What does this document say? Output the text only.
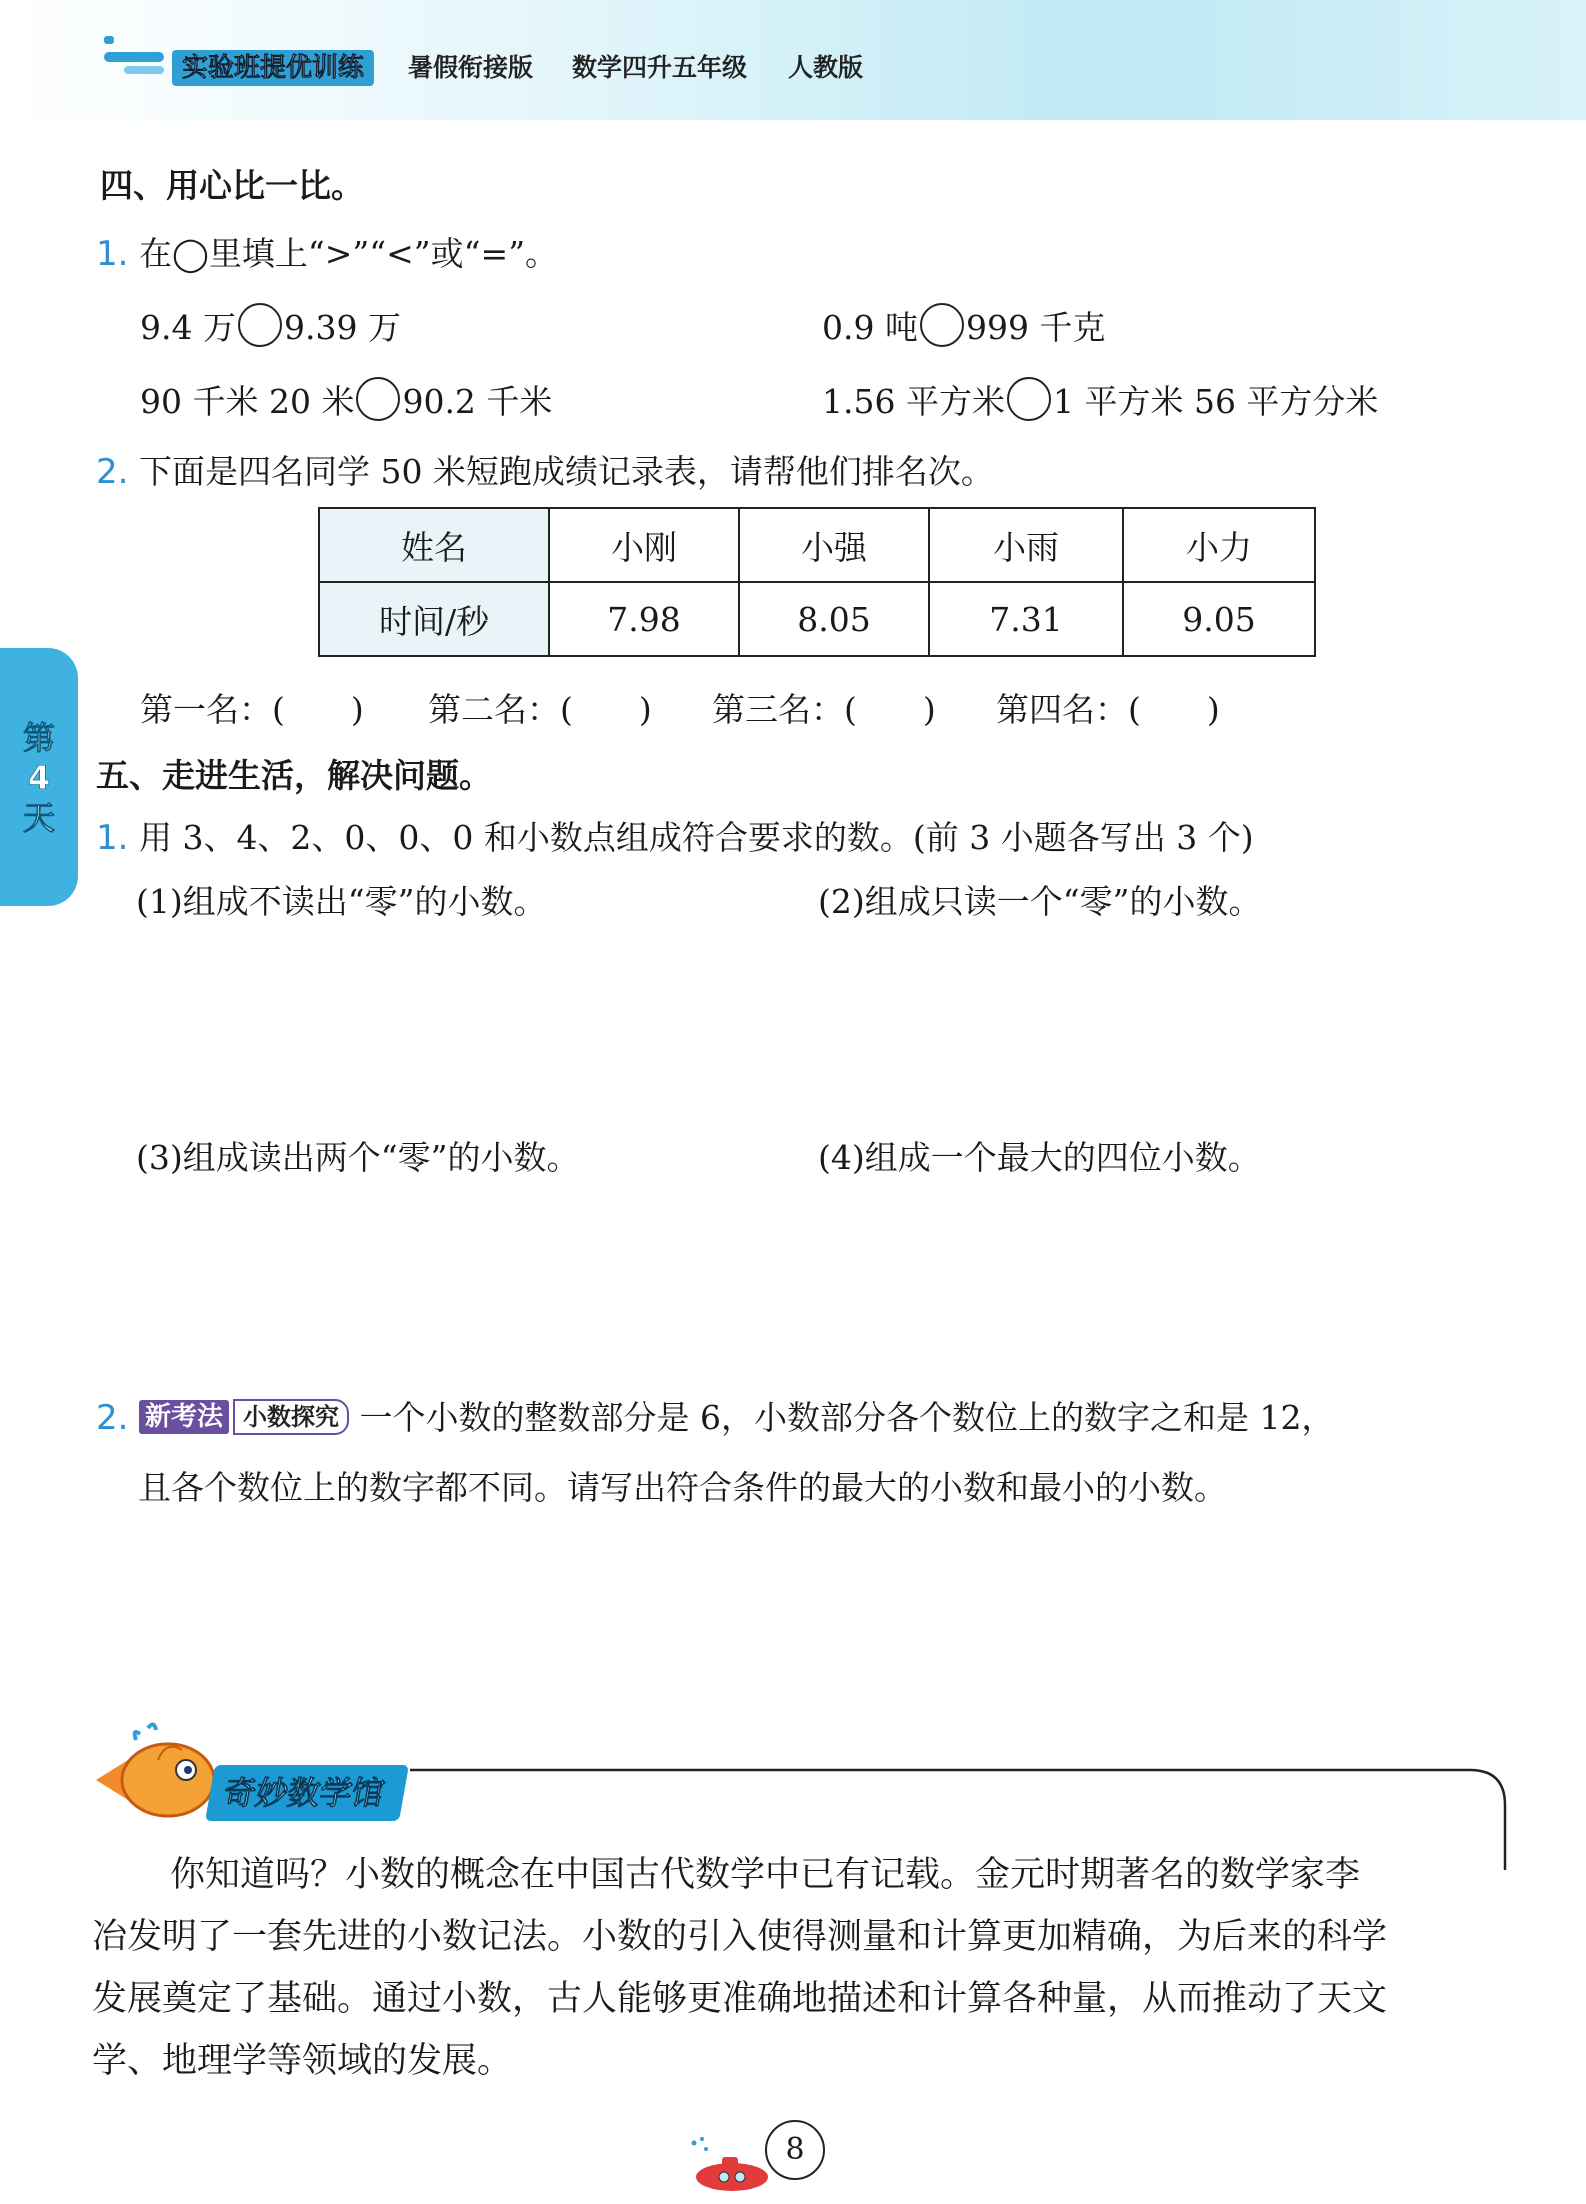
实验班提优训练	暑假衔接版 数学四升五年级 人教版
第4天
四、用心比一比。
1. 在◯里填上“>”“<”或“=”。
9.4 万 9.39 万	0.9 吨 999 千克
90 千米 20 米 90.2 千米	1.56 平方米 1 平方米 56 平方分米
2. 下面是四名同学 50 米短跑成绩记录表，请帮他们排名次。
姓名	小刚	小强	小雨	小力
时间/秒	7.98	8.05	7.31	9.05
第一名：(　　) 第二名：(　　) 第三名：(　　) 第四名：(　　)
五、走进生活，解决问题。
1. 用 3、4、2、0、0、0 和小数点组成符合要求的数。(前 3 小题各写出 3 个)
(1)组成不读出“零”的小数。	(2)组成只读一个“零”的小数。
(3)组成读出两个“零”的小数。	(4)组成一个最大的四位小数。
2. 新考法 小数探究 一个小数的整数部分是 6，小数部分各个数位上的数字之和是 12，
且各个数位上的数字都不同。请写出符合条件的最大的小数和最小的小数。
奇妙数学馆
你知道吗？小数的概念在中国古代数学中已有记载。金元时期著名的数学家李
冶发明了一套先进的小数记法。小数的引入使得测量和计算更加精确，为后来的科学
发展奠定了基础。通过小数，古人能够更准确地描述和计算各种量，从而推动了天文
学、地理学等领域的发展。
8
